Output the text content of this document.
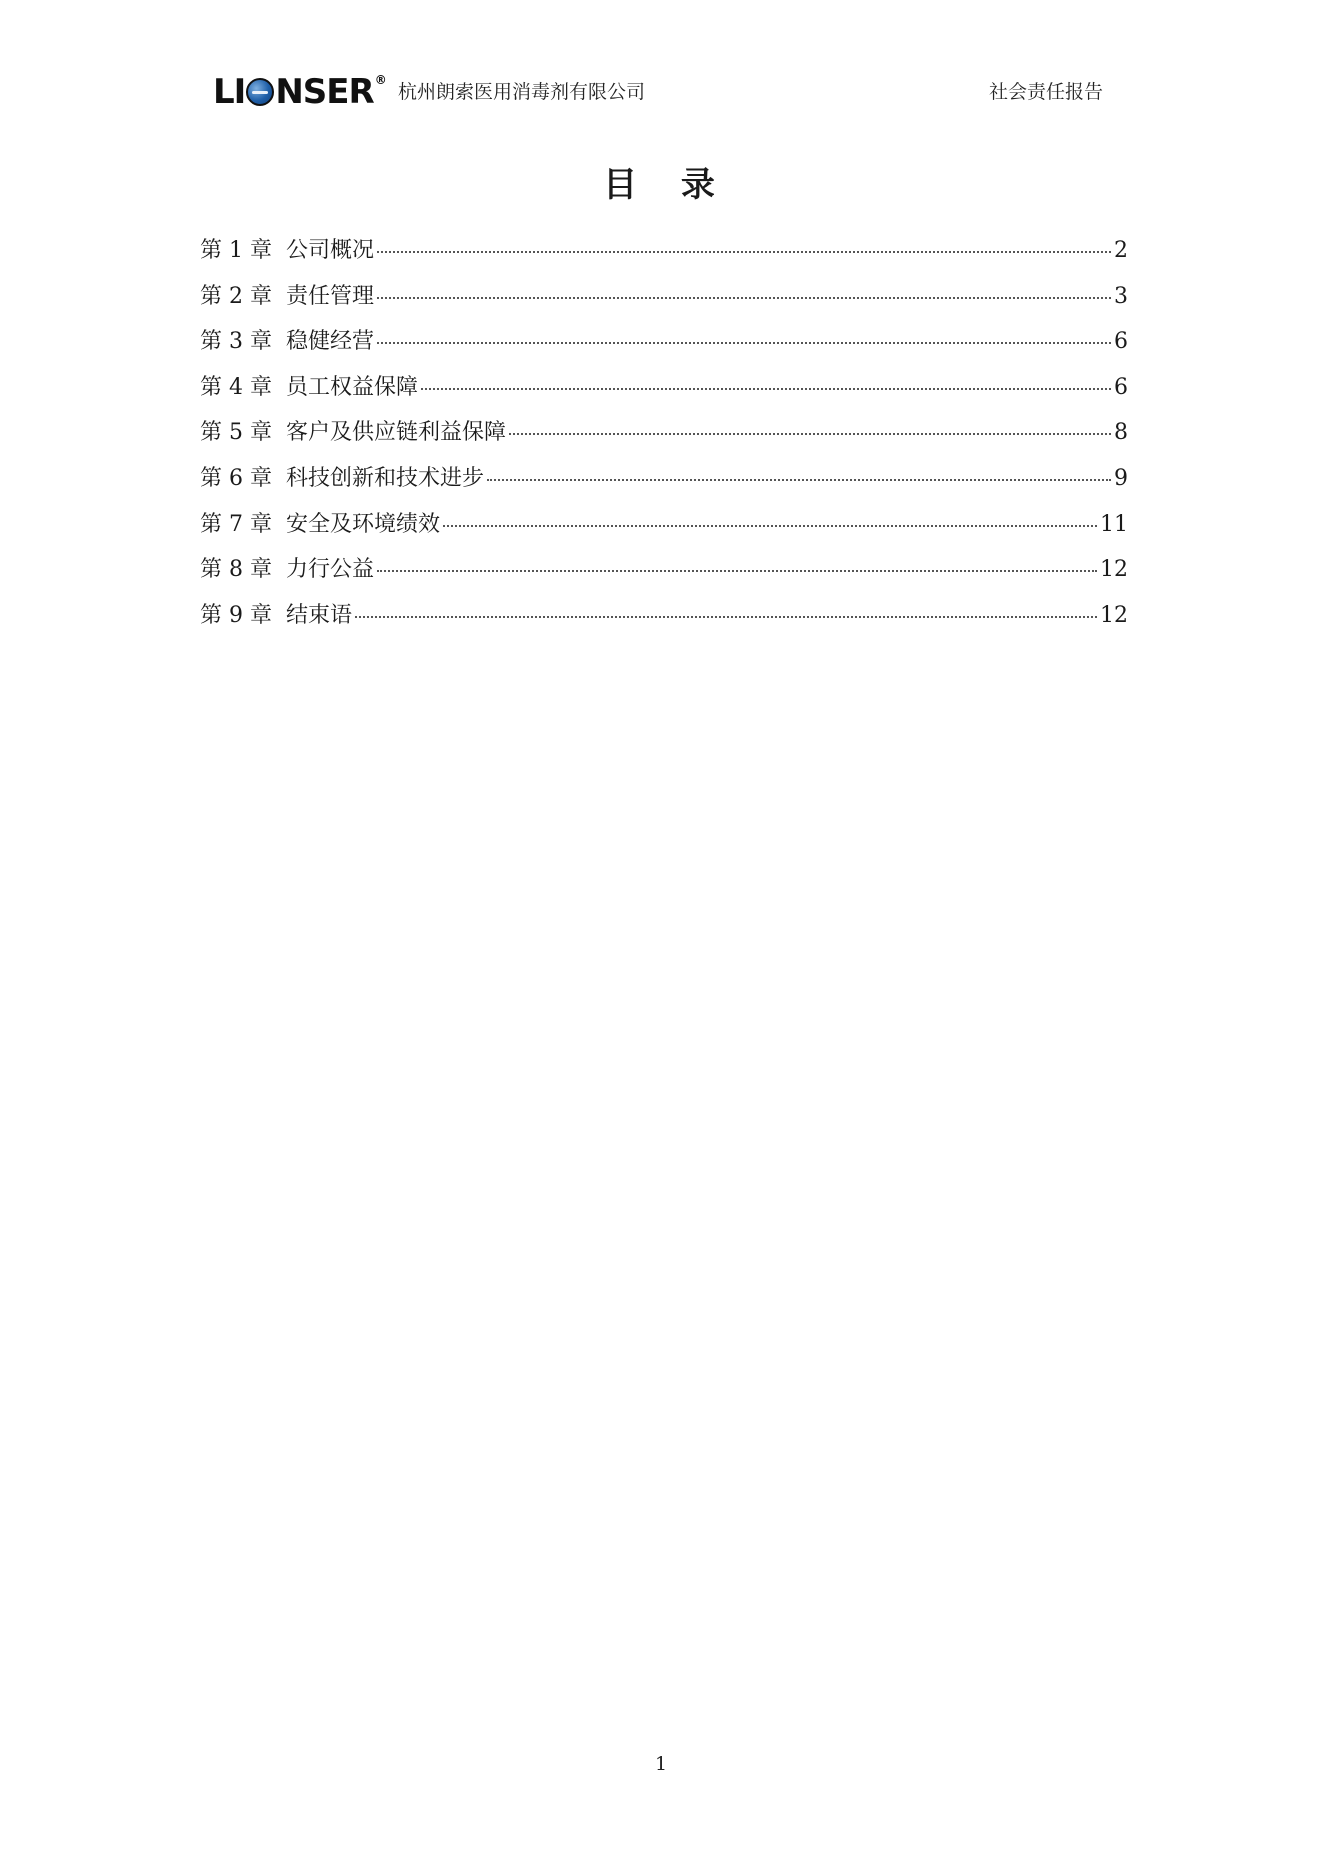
LI NSER ®
杭州朗索医用消毒剂有限公司	社会责任报告
目 录
第 1 章 公司概况	2
第 2 章 责任管理	3
第 3 章 稳健经营	6
第 4 章 员工权益保障	6
第 5 章 客户及供应链利益保障	8
第 6 章 科技创新和技术进步	9
第 7 章 安全及环境绩效	11
第 8 章 力行公益	12
第 9 章 结束语	12
1
